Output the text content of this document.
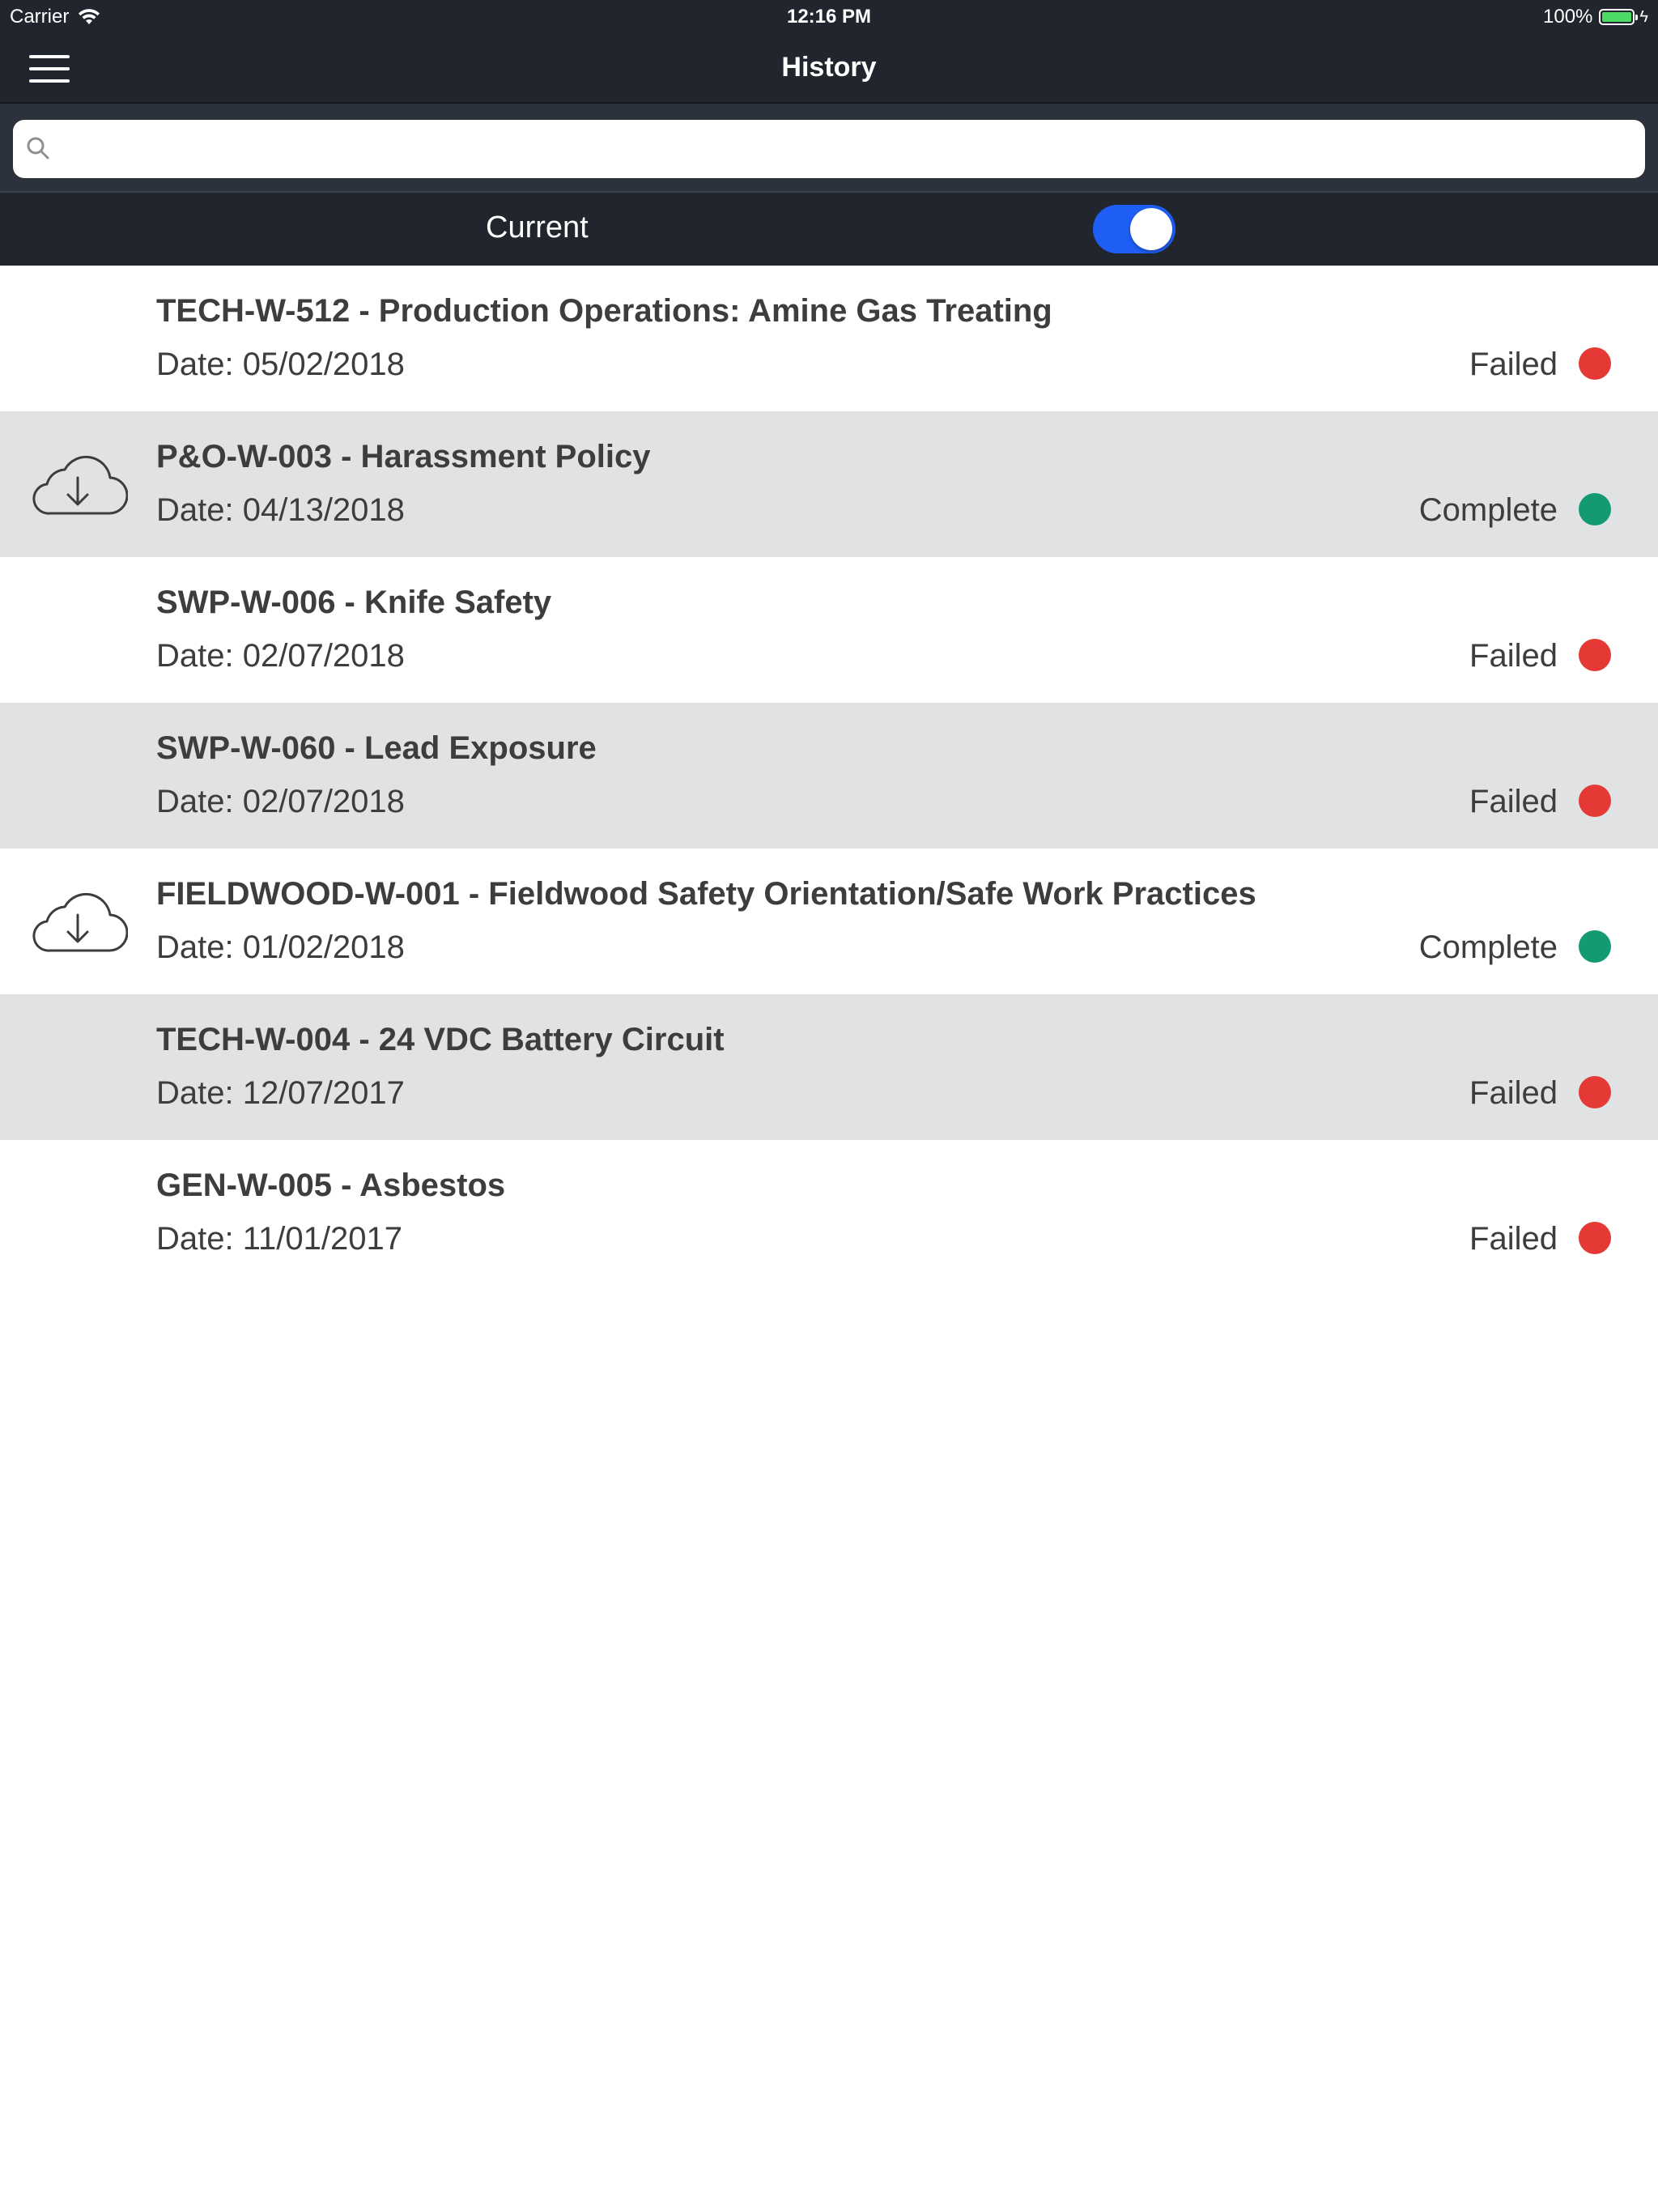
Carrier	12:16 PM	100%	ϟ
History
Current
TECH-W-512 - Production Operations: Amine Gas Treating
Date: 05/02/2018	Failed
P&O-W-003 - Harassment Policy
Date: 04/13/2018	Complete
SWP-W-006 - Knife Safety
Date: 02/07/2018	Failed
SWP-W-060 - Lead Exposure
Date: 02/07/2018	Failed
FIELDWOOD-W-001 - Fieldwood Safety Orientation/Safe Work Practices
Date: 01/02/2018	Complete
TECH-W-004 - 24 VDC Battery Circuit
Date: 12/07/2017	Failed
GEN-W-005 - Asbestos
Date: 11/01/2017	Failed
